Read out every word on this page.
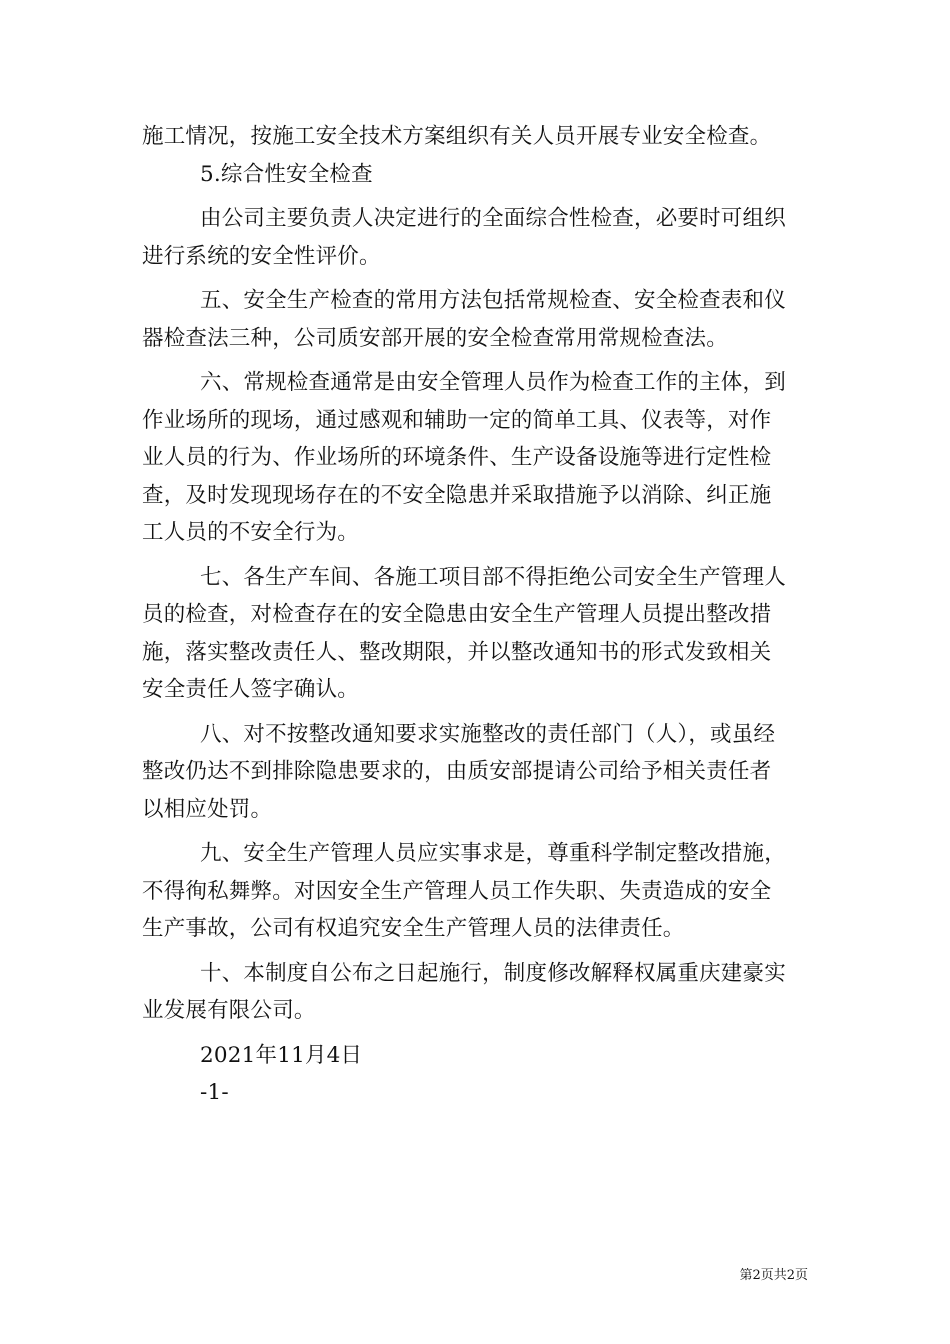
施工情况，按施工安全技术方案组织有关人员开展专业安全检查。
5.综合性安全检查
由公司主要负责人决定进行的全面综合性检查，必要时可组织
进行系统的安全性评价。
五、安全生产检查的常用方法包括常规检查、安全检查表和仪
器检查法三种，公司质安部开展的安全检查常用常规检查法。
六、常规检查通常是由安全管理人员作为检查工作的主体，到
作业场所的现场，通过感观和辅助一定的简单工具、仪表等，对作
业人员的行为、作业场所的环境条件、生产设备设施等进行定性检
查，及时发现现场存在的不安全隐患并采取措施予以消除、纠正施
工人员的不安全行为。
七、各生产车间、各施工项目部不得拒绝公司安全生产管理人
员的检查，对检查存在的安全隐患由安全生产管理人员提出整改措
施，落实整改责任人、整改期限，并以整改通知书的形式发致相关
安全责任人签字确认。
八、对不按整改通知要求实施整改的责任部门（人），或虽经
整改仍达不到排除隐患要求的，由质安部提请公司给予相关责任者
以相应处罚。
九、安全生产管理人员应实事求是，尊重科学制定整改措施，
不得徇私舞弊。对因安全生产管理人员工作失职、失责造成的安全
生产事故，公司有权追究安全生产管理人员的法律责任。
十、本制度自公布之日起施行，制度修改解释权属重庆建豪实
业发展有限公司。
2021年11月4日
-1-
第2页共2页
